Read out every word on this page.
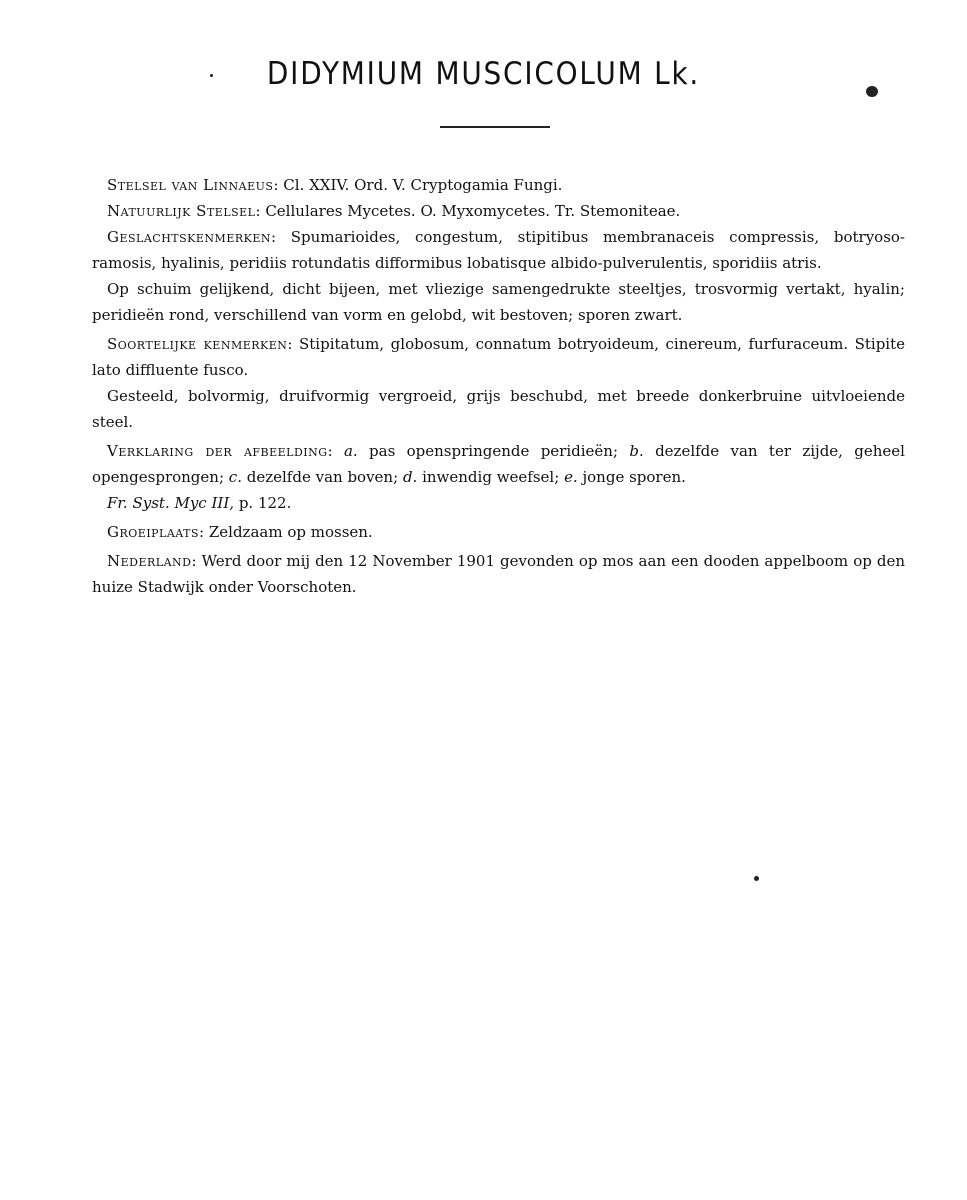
DIDYMIUM MUSCICOLUM Lk.

Stelsel van Linnaeus: Cl. XXIV. Ord. V. Cryptogamia Fungi.

Natuurlijk Stelsel: Cellulares Mycetes. O. Myxomycetes. Tr. Stemoniteae.

Geslachtskenmerken: Spumarioides, congestum, stipitibus membranaceis compressis, botryoso-ramosis, hyalinis, peridiis rotundatis difformibus lobatisque albido-pulverulentis, sporidiis atris.

Op schuim gelijkend, dicht bijeen, met vliezige samengedrukte steeltjes, trosvormig vertakt, hyalin; peridieën rond, verschillend van vorm en gelobd, wit bestoven; sporen zwart.

Soortelijke kenmerken: Stipitatum, globosum, connatum botryoideum, cinereum, furfuraceum. Stipite lato diffluente fusco.

Gesteeld, bolvormig, druifvormig vergroeid, grijs beschubd, met breede donkerbruine uitvloeiende steel.

Verklaring der afbeelding: a. pas openspringende peridieën; b. dezelfde van ter zijde, geheel opengesprongen; c. dezelfde van boven; d. inwendig weefsel; e. jonge sporen.

Fr. Syst. Myc III, p. 122.

Groeiplaats: Zeldzaam op mossen.

Nederland: Werd door mij den 12 November 1901 gevonden op mos aan een dooden appelboom op den huize Stadwijk onder Voorschoten.
